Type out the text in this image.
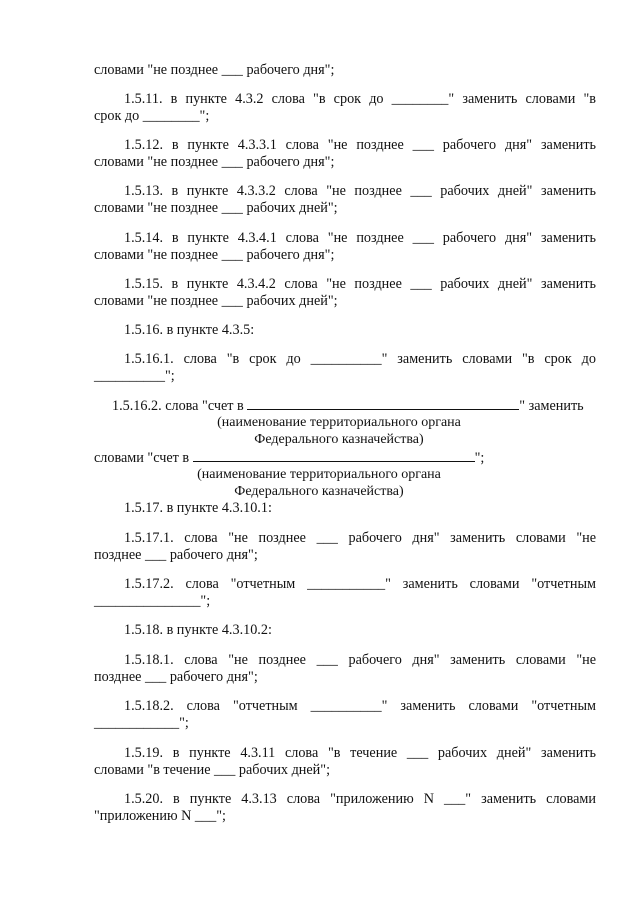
словами "не позднее ___ рабочего дня";
1.5.11. в пункте 4.3.2 слова "в срок до ________" заменить словами "в
срок до ________";
1.5.12. в пункте 4.3.3.1 слова "не позднее ___ рабочего дня" заменить
словами "не позднее ___ рабочего дня";
1.5.13. в пункте 4.3.3.2 слова "не позднее ___ рабочих дней" заменить
словами "не позднее ___ рабочих дней";
1.5.14. в пункте 4.3.4.1 слова "не позднее ___ рабочего дня" заменить
словами "не позднее ___ рабочего дня";
1.5.15. в пункте 4.3.4.2 слова "не позднее ___ рабочих дней" заменить
словами "не позднее ___ рабочих дней";
1.5.16. в пункте 4.3.5:
1.5.16.1. слова "в срок до __________" заменить словами "в срок до
__________";
1.5.16.2. слова "счет в	" заменить
(наименование территориального органа
Федерального казначейства)
словами "счет в	";
(наименование территориального органа
Федерального казначейства)
1.5.17. в пункте 4.3.10.1:
1.5.17.1. слова "не позднее ___ рабочего дня" заменить словами "не
позднее ___ рабочего дня";
1.5.17.2. слова "отчетным ___________" заменить словами "отчетным
_______________";
1.5.18. в пункте 4.3.10.2:
1.5.18.1. слова "не позднее ___ рабочего дня" заменить словами "не
позднее ___ рабочего дня";
1.5.18.2. слова "отчетным __________" заменить словами "отчетным
____________";
1.5.19. в пункте 4.3.11 слова "в течение ___ рабочих дней" заменить
словами "в течение ___ рабочих дней";
1.5.20. в пункте 4.3.13 слова "приложению N ___" заменить словами
"приложению N ___";
